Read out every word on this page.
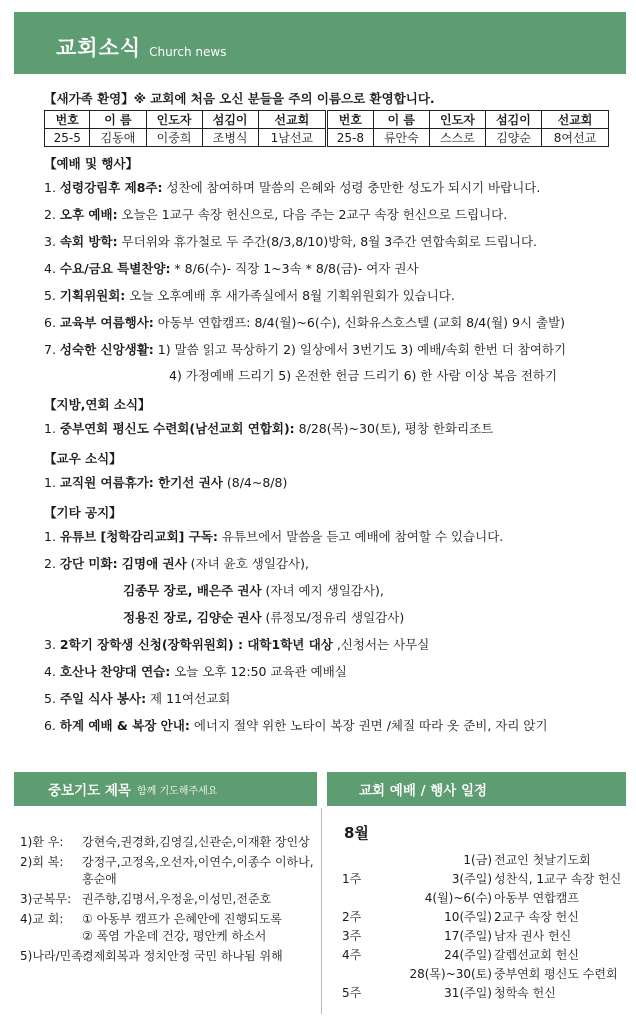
교회소식 Church news
【새가족 환영】※ 교회에 처음 오신 분들을 주의 이름으로 환영합니다.
번호	이 름	인도자	섬김이	선교회	번호	이 름	인도자	섬김이	선교회
25-5	김동애	이중희	조병식	1남선교	25-8	류안숙	스스로	김양순	8여선교
【예배 및 행사】
1. 성령강림후 제8주: 성찬에 참여하며 말씀의 은혜와 성령 충만한 성도가 되시기 바랍니다.
2. 오후 예배: 오늘은 1교구 속장 헌신으로, 다음 주는 2교구 속장 헌신으로 드립니다.
3. 속회 방학: 무더위와 휴가철로 두 주간(8/3,8/10)방학, 8월 3주간 연합속회로 드립니다.
4. 수요/금요 특별찬양: * 8/6(수)- 직장 1~3속 * 8/8(금)- 여자 권사
5. 기획위원회: 오늘 오후예배 후 새가족실에서 8월 기획위원회가 있습니다.
6. 교육부 여름행사: 아동부 연합캠프: 8/4(월)~6(수), 신화유스호스텔 (교회 8/4(월) 9시 출발)
7. 성숙한 신앙생활: 1) 말씀 읽고 묵상하기 2) 일상에서 3번기도 3) 예배/속회 한번 더 참여하기
4) 가정예배 드리기 5) 온전한 헌금 드리기 6) 한 사람 이상 복음 전하기
【지방,연회 소식】
1. 중부연회 평신도 수련회(남선교회 연합회): 8/28(목)~30(토), 평창 한화리조트
【교우 소식】
1. 교직원 여름휴가: 한기선 권사 (8/4~8/8)
【기타 공지】
1. 유튜브 [청학감리교회] 구독: 유튜브에서 말씀을 듣고 예배에 참여할 수 있습니다.
2. 강단 미화: 김명애 권사 (자녀 윤호 생일감사),
김종무 장로, 배은주 권사 (자녀 예지 생일감사),
정용진 장로, 김양순 권사 (류정모/정유리 생일감사)
3. 2학기 장학생 신청(장학위원회) : 대학1학년 대상 ,신청서는 사무실
4. 호산나 찬양대 연습: 오늘 오후 12:50 교육관 예배실
5. 주일 식사 봉사: 제 11여선교회
6. 하계 예배 & 복장 안내: 에너지 절약 위한 노타이 복장 권면 /체질 따라 옷 준비, 자리 앉기
중보기도 제목 함께 기도해주세요	교회 예배 / 행사 일정
1)환 우:	강현숙,권경화,김영길,신관순,이재환 장인상
2)회 복:	강정구,고정옥,오선자,이연수,이종수 이하나,홍순애
3)군복무: 권주향,김명서,우정윤,이성민,전준호
4)교 회:	① 아동부 캠프가 은혜안에 진행되도록
② 폭염 가운데 건강, 평안케 하소서
5)나라/민족:
경제회복과 정치안정 국민 하나됨 위해
8월
1(금) 전교인 첫날기도회
1주	3(주일) 성찬식, 1교구 속장 헌신
4(월)~6(수) 아동부 연합캠프
2주	10(주일) 2교구 속장 헌신
3주	17(주일) 남자 권사 헌신
4주	24(주일) 갈렙선교회 헌신
28(목)~30(토) 중부연회 평신도 수련회
5주	31(주일) 청학속 헌신
